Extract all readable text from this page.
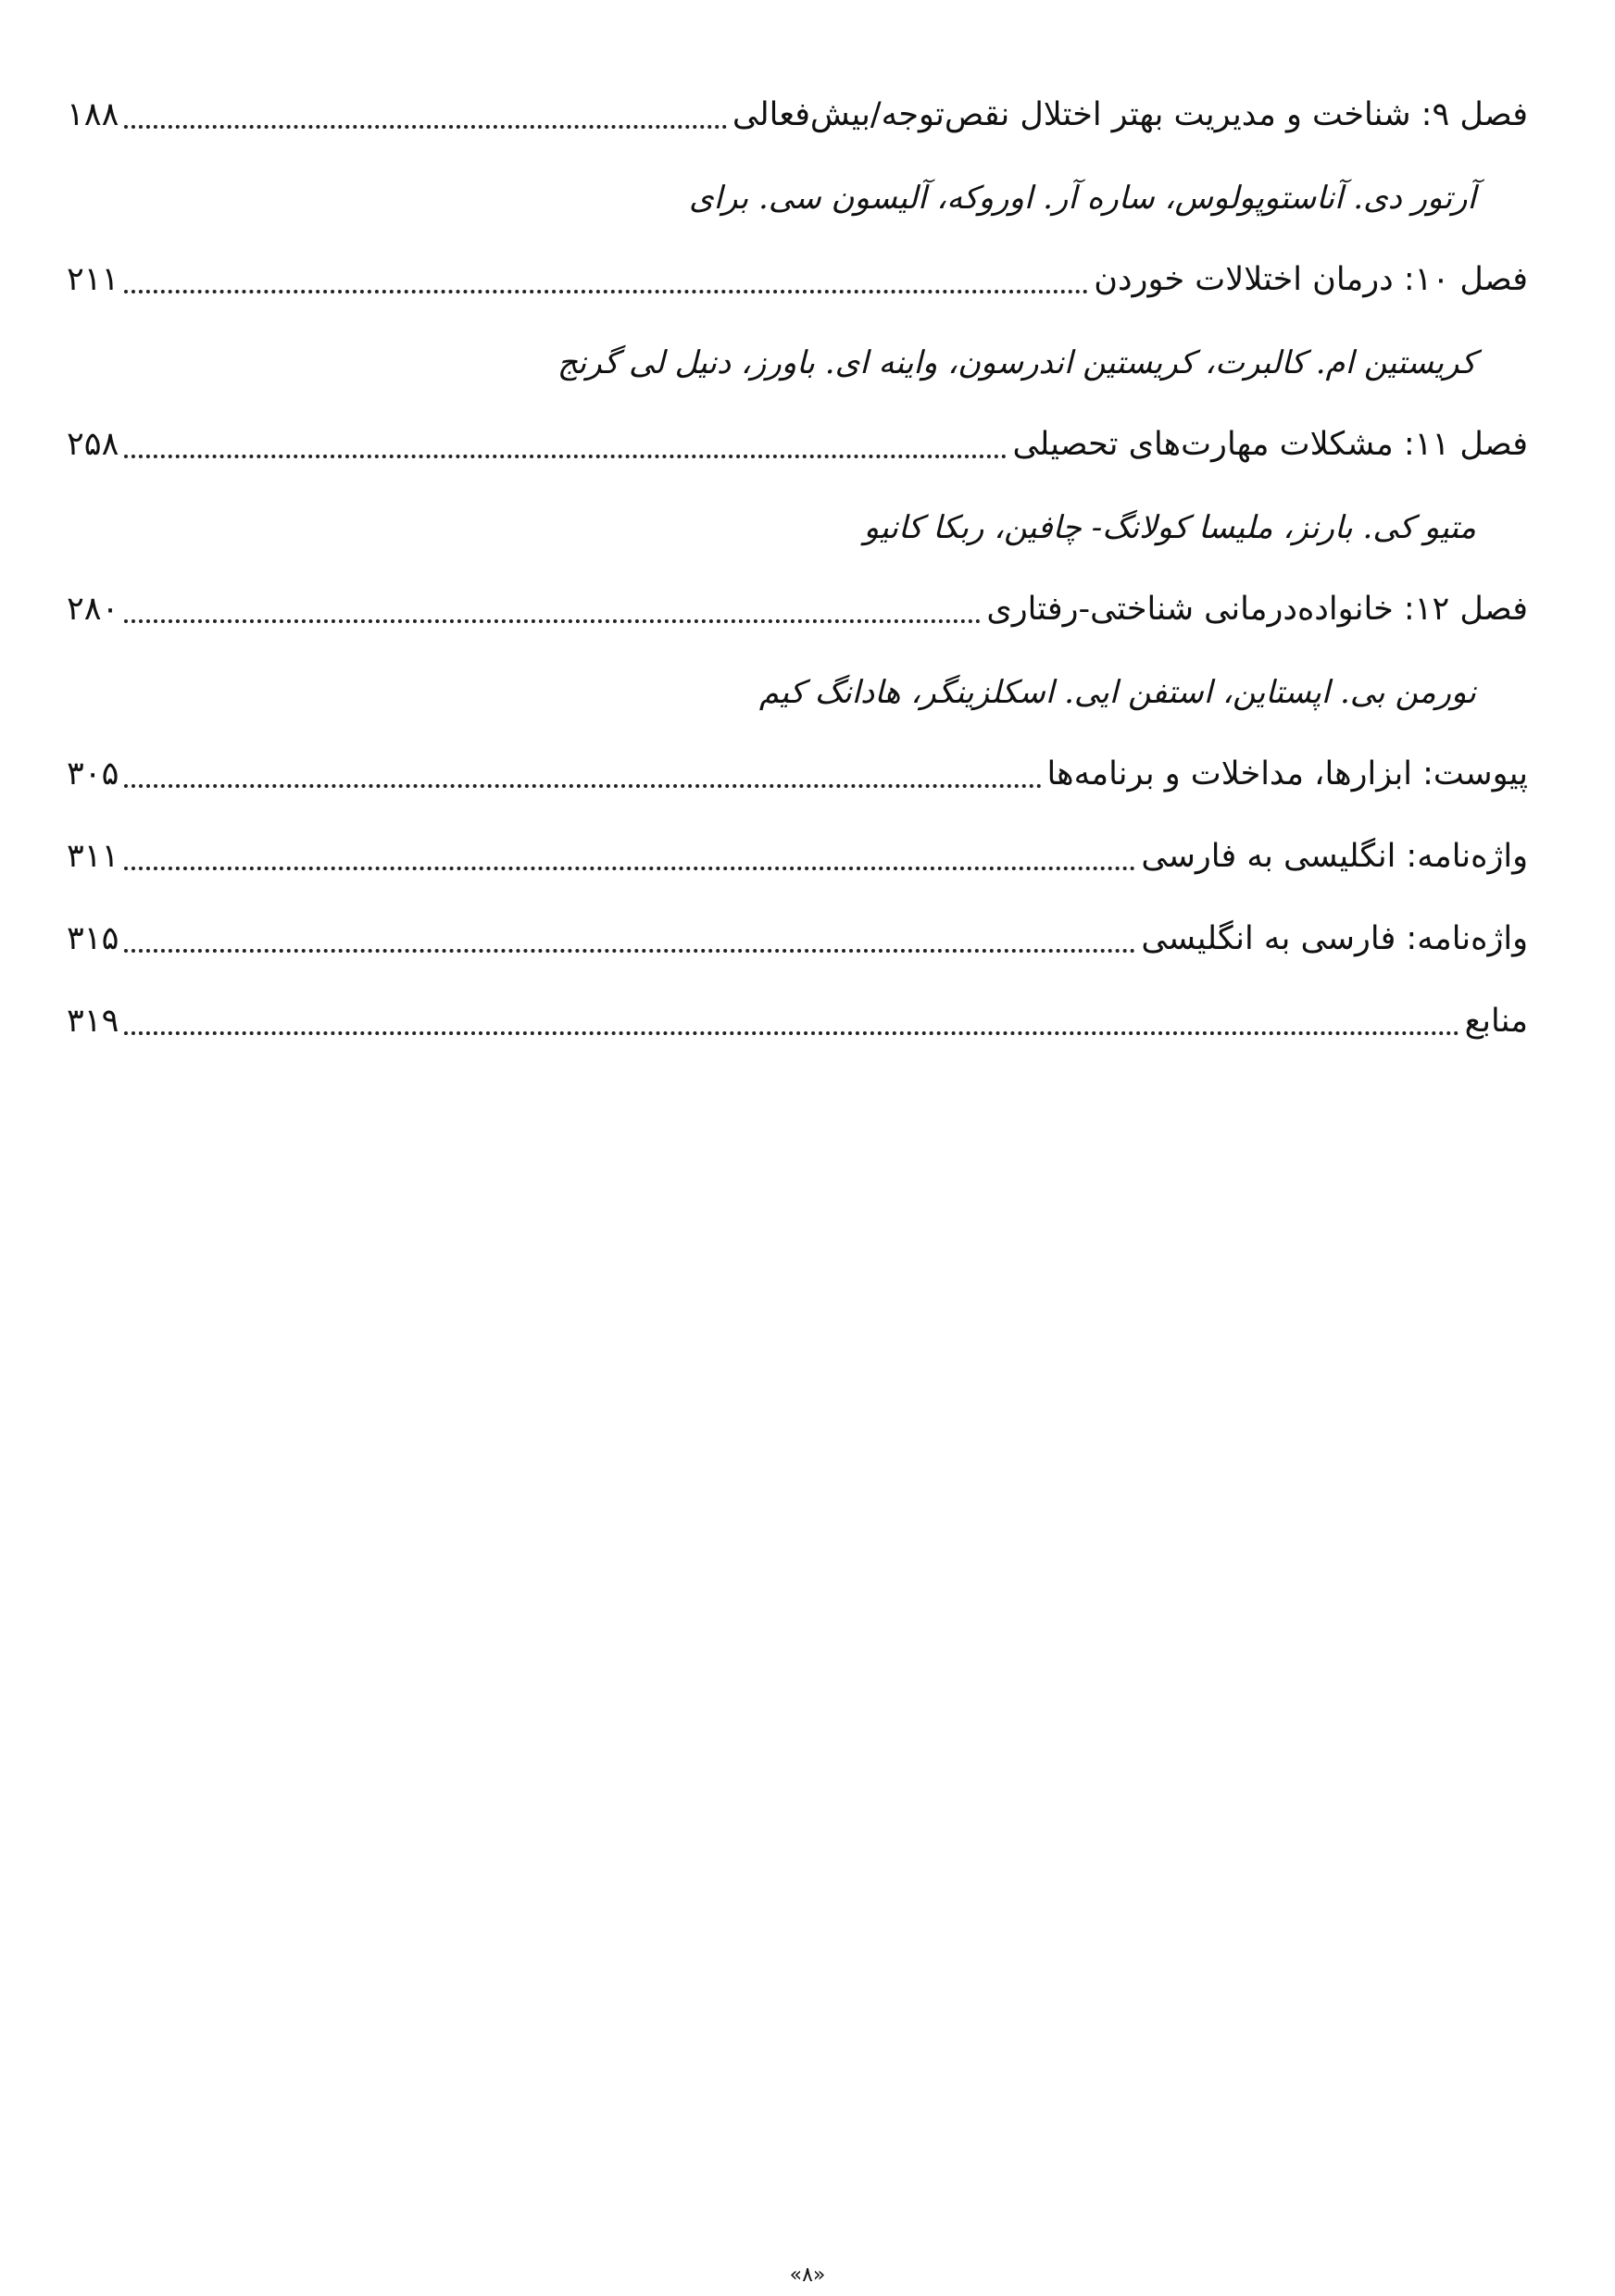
فصل ۹: شناخت و مدیریت بهتر اختلال نقص‌توجه/بیش‌فعالی
۱۸۸
آرتور دی. آناستوپولوس، ساره آر. اوروکه، آلیسون سی. برای
فصل ۱۰: درمان اختلالات خوردن
۲۱۱
کریستین ام. کالبرت، کریستین اندرسون، واینه ای. باورز، دنیل لی گرنج
فصل ۱۱: مشکلات مهارت‌های تحصیلی
۲۵۸
متیو کی. بارنز، ملیسا کولانگ- چافین، ربکا کانیو
فصل ۱۲: خانواده‌درمانی شناختی-رفتاری
۲۸۰
نورمن بی. اپستاین، استفن ایی. اسکلزینگر، هادانگ کیم
پیوست: ابزارها، مداخلات و برنامه‌ها
۳۰۵
واژه‌نامه: انگلیسی به فارسی
۳۱۱
واژه‌نامه: فارسی به انگلیسی
۳۱۵
منابع
۳۱۹
«۸»
